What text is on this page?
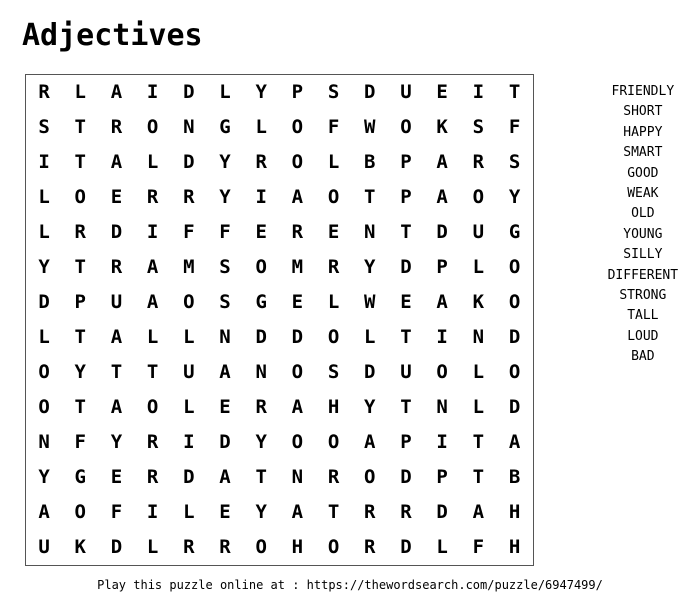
Adjectives
R	L	A	I	D	L	Y	P	S	D	U	E	I	T
S	T	R	O	N	G	L	O	F	W	O	K	S	F
I	T	A	L	D	Y	R	O	L	B	P	A	R	S
L	O	E	R	R	Y	I	A	O	T	P	A	O	Y
L	R	D	I	F	F	E	R	E	N	T	D	U	G
Y	T	R	A	M	S	O	M	R	Y	D	P	L	O
D	P	U	A	O	S	G	E	L	W	E	A	K	O
L	T	A	L	L	N	D	D	O	L	T	I	N	D
O	Y	T	T	U	A	N	O	S	D	U	O	L	O
O	T	A	O	L	E	R	A	H	Y	T	N	L	D
N	F	Y	R	I	D	Y	O	O	A	P	I	T	A
Y	G	E	R	D	A	T	N	R	O	D	P	T	B
A	O	F	I	L	E	Y	A	T	R	R	D	A	H
U	K	D	L	R	R	O	H	O	R	D	L	F	H
FRIENDLY
SHORT
HAPPY
SMART
GOOD
WEAK
OLD
YOUNG
SILLY
DIFFERENT
STRONG
TALL
LOUD
BAD
Play this puzzle online at : https://thewordsearch.com/puzzle/6947499/
